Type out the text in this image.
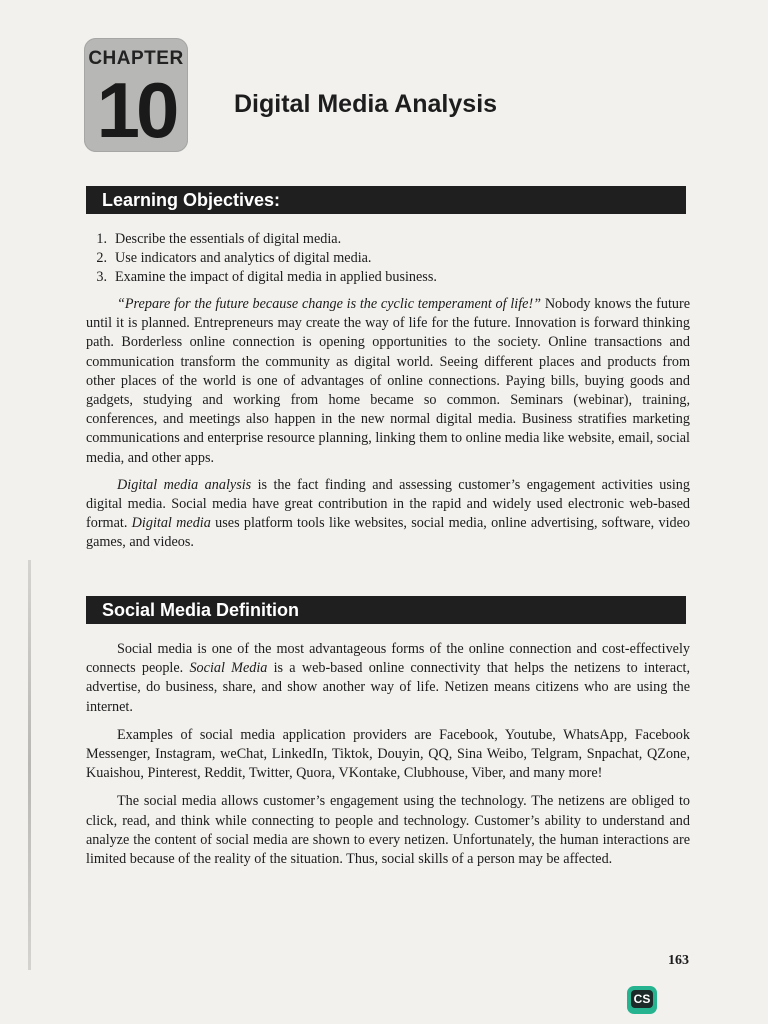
CHAPTER
10	Digital Media Analysis
Learning Objectives:
1. Describe the essentials of digital media.
2. Use indicators and analytics of digital media.
3. Examine the impact of digital media in applied business.

“Prepare for the future because change is the cyclic temperament of life!” Nobody knows the future until it is planned. Entrepreneurs may create the way of life for the future. Innovation is forward thinking path. Borderless online connection is opening opportunities to the society. Online transactions and communication transform the community as digital world. Seeing different places and products from other places of the world is one of advantages of online connections. Paying bills, buying goods and gadgets, studying and working from home became so common. Seminars (webinar), training, conferences, and meetings also happen in the new normal digital media. Business stratifies marketing communications and enterprise resource planning, linking them to online media like website, email, social media, and other apps.

Digital media analysis is the fact finding and assessing customer’s engagement activities using digital media. Social media have great contribution in the rapid and widely used electronic web-based format. Digital media uses platform tools like websites, social media, online advertising, software, video games, and videos.

Social Media Definition

Social media is one of the most advantageous forms of the online connection and cost-effectively connects people. Social Media is a web-based online connectivity that helps the netizens to interact, advertise, do business, share, and show another way of life. Netizen means citizens who are using the internet.

Examples of social media application providers are Facebook, Youtube, WhatsApp, Facebook Messenger, Instagram, weChat, LinkedIn, Tiktok, Douyin, QQ, Sina Weibo, Telgram, Snpachat, QZone, Kuaishou, Pinterest, Reddit, Twitter, Quora, VKontake, Clubhouse, Viber, and many more!

The social media allows customer’s engagement using the technology. The netizens are obliged to click, read, and think while connecting to people and technology. Customer’s ability to understand and analyze the content of social media are shown to every netizen. Unfortunately, the human interactions are limited because of the reality of the situation. Thus, social skills of a person may be affected.

163
CS
